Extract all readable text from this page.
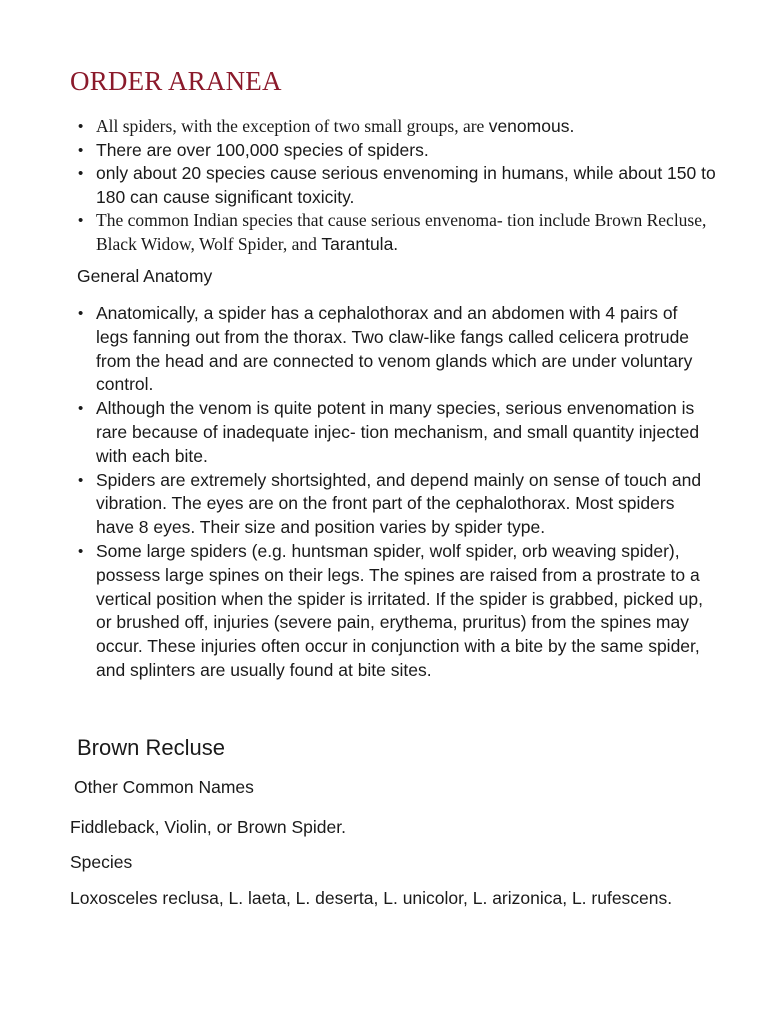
ORDER ARANEA
• All spiders, with the exception of two small groups, are venomous.
• There are over 100,000 species of spiders.
• only about 20 species cause serious envenoming in humans, while about 150 to 180 can cause significant toxicity.
• The common Indian species that cause serious envenoma- tion include Brown Recluse, Black Widow, Wolf Spider, and Tarantula.
General Anatomy
• Anatomically, a spider has a cephalothorax and an abdomen with 4 pairs of legs fanning out from the thorax. Two claw-like fangs called celicera protrude from the head and are connected to venom glands which are under voluntary control.
• Although the venom is quite potent in many species, serious envenomation is rare because of inadequate injec- tion mechanism, and small quantity injected with each bite.
• Spiders are extremely shortsighted, and depend mainly on sense of touch and vibration. The eyes are on the front part of the cephalothorax. Most spiders have 8 eyes. Their size and position varies by spider type.
• Some large spiders (e.g. huntsman spider, wolf spider, orb weaving spider), possess large spines on their legs. The spines are raised from a prostrate to a vertical position when the spider is irritated. If the spider is grabbed, picked up, or brushed off, injuries (severe pain, erythema, pruritus) from the spines may occur. These injuries often occur in conjunction with a bite by the same spider, and splinters are usually found at bite sites.
Brown Recluse
Other Common Names

Fiddleback, Violin, or Brown Spider.

Species

Loxosceles reclusa, L. laeta, L. deserta, L. unicolor, L. arizonica, L. rufescens.
